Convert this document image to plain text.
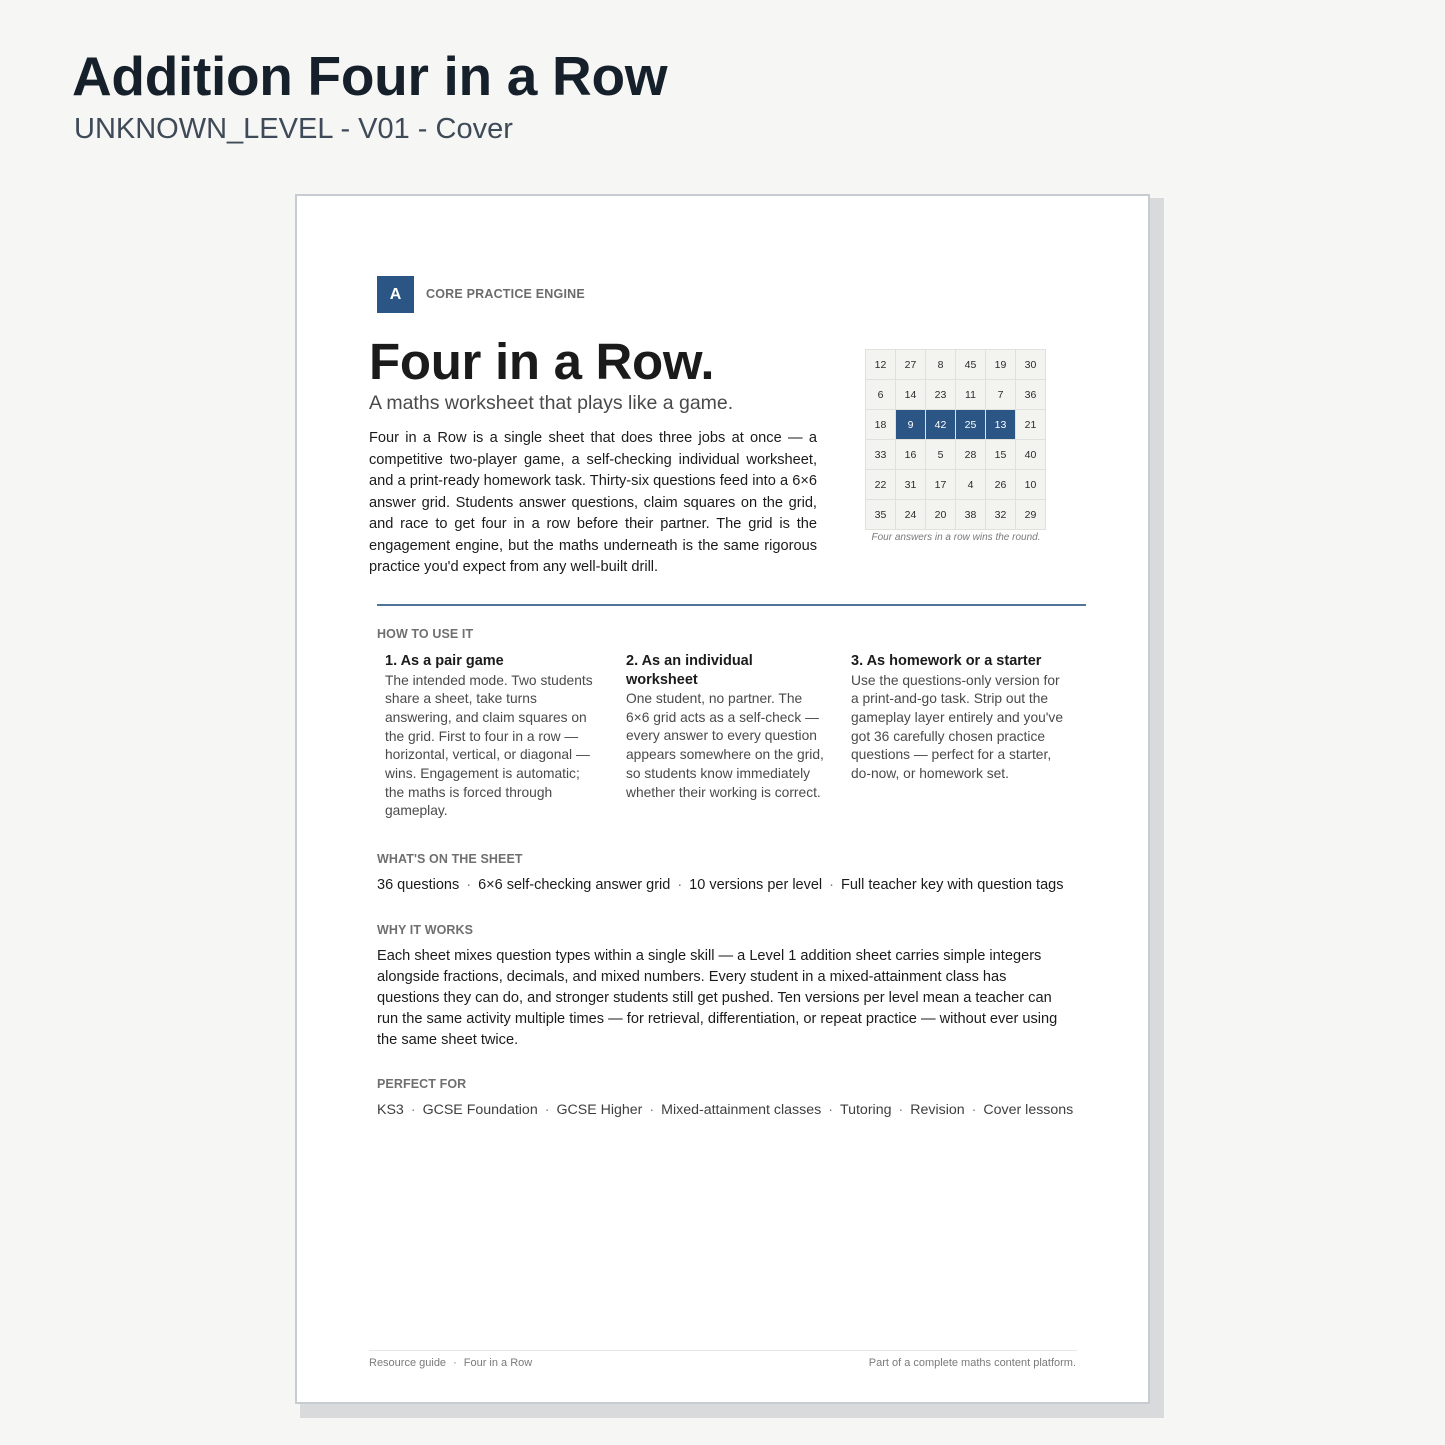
Addition Four in a Row
UNKNOWN_LEVEL - V01 - Cover
A	CORE PRACTICE ENGINE
Four in a Row.
A maths worksheet that plays like a game.
Four in a Row is a single sheet that does three jobs at once — a competitive two-player game, a self-checking individual worksheet, and a print-ready homework task. Thirty-six questions feed into a 6×6 answer grid. Students answer questions, claim squares on the grid, and race to get four in a row before their partner. The grid is the engagement engine, but the maths underneath is the same rigorous practice you'd expect from any well-built drill.
12	27	8	45	19	30
6	14	23	11	7	36
18	9	42	25	13	21
33	16	5	28	15	40
22	31	17	4	26	10
35	24	20	38	32	29
Four answers in a row wins the round.
HOW TO USE IT
1. As a pair game
The intended mode. Two students share a sheet, take turns answering, and claim squares on the grid. First to four in a row — horizontal, vertical, or diagonal — wins. Engagement is automatic; the maths is forced through gameplay.
2. As an individual worksheet
One student, no partner. The 6×6 grid acts as a self-check — every answer to every question appears somewhere on the grid, so students know immediately whether their working is correct.
3. As homework or a starter
Use the questions-only version for a print-and-go task. Strip out the gameplay layer entirely and you've got 36 carefully chosen practice questions — perfect for a starter, do-now, or homework set.
WHAT'S ON THE SHEET
36 questions · 6×6 self-checking answer grid · 10 versions per level · Full teacher key with question tags
WHY IT WORKS
Each sheet mixes question types within a single skill — a Level 1 addition sheet carries simple integers alongside fractions, decimals, and mixed numbers. Every student in a mixed-attainment class has questions they can do, and stronger students still get pushed. Ten versions per level mean a teacher can run the same activity multiple times — for retrieval, differentiation, or repeat practice — without ever using the same sheet twice.
PERFECT FOR
KS3 · GCSE Foundation · GCSE Higher · Mixed-attainment classes · Tutoring · Revision · Cover lessons
Resource guide · Four in a Row	Part of a complete maths content platform.
